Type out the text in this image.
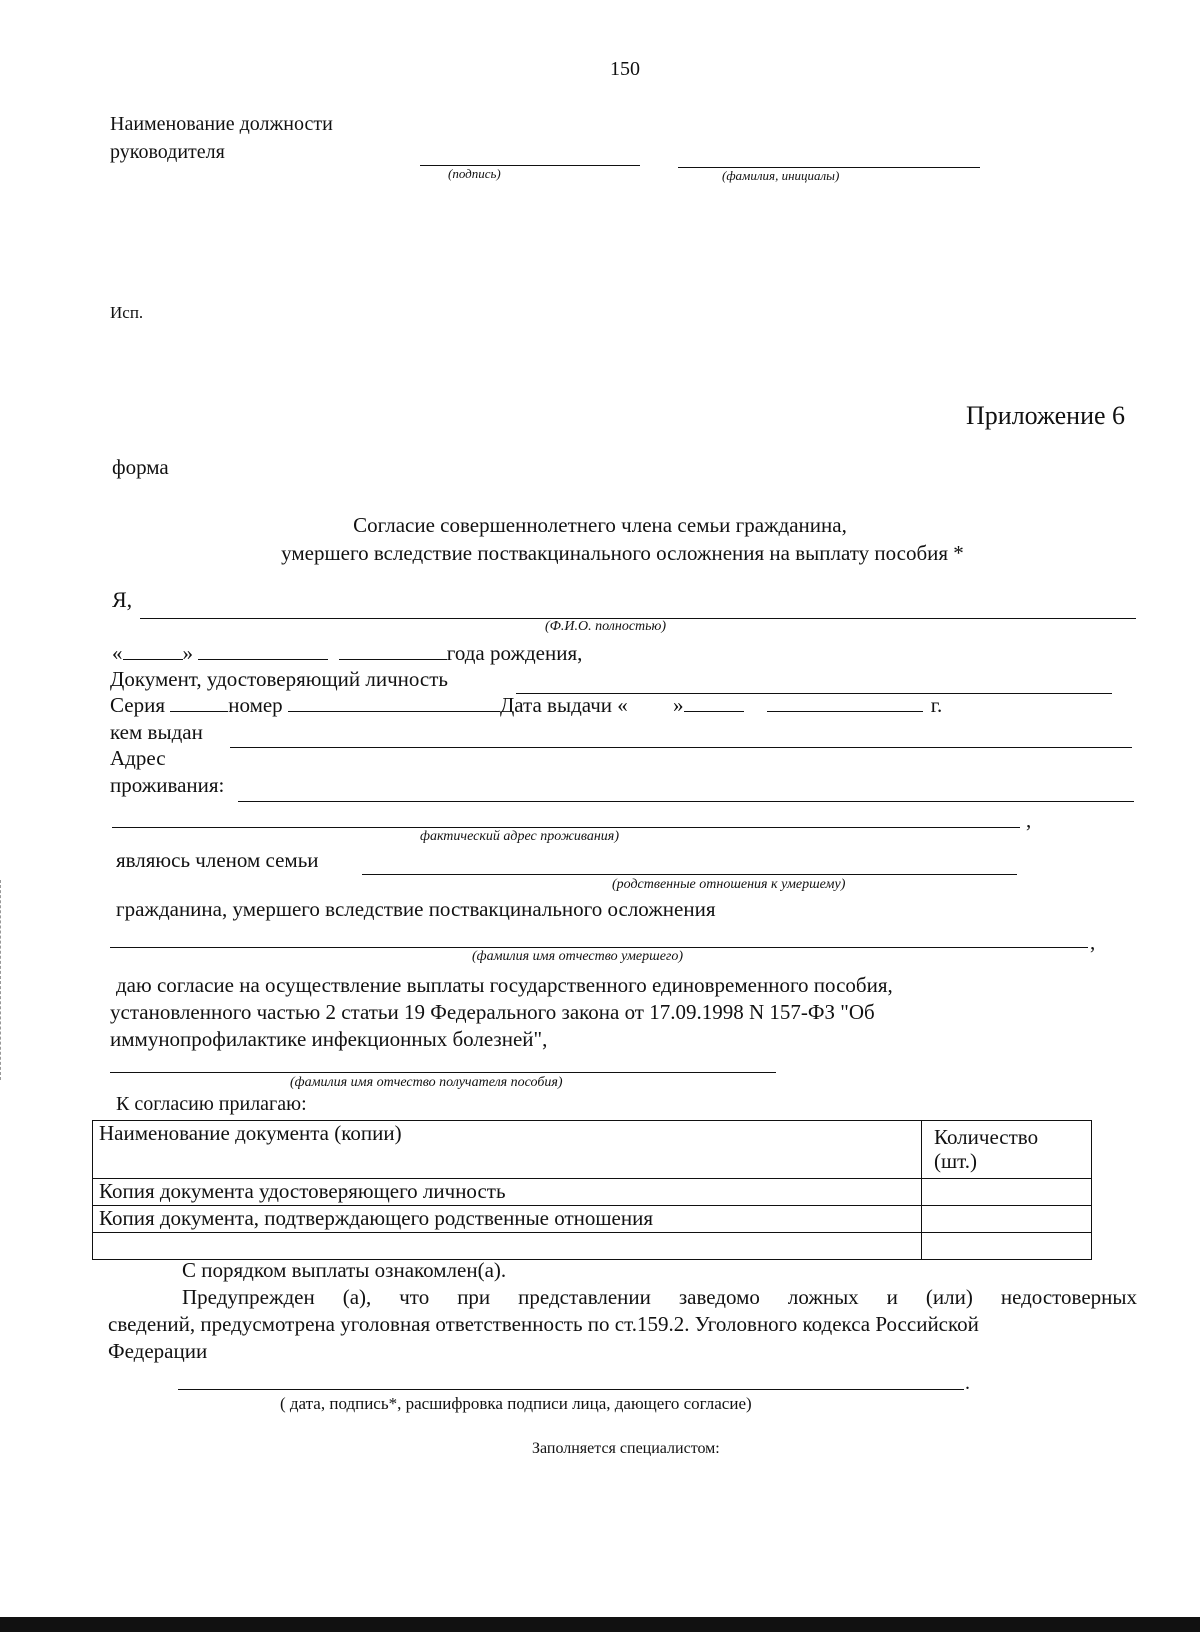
150
Наименование должности
руководителя
(подпись)	(фамилия, инициалы)
Исп.
Приложение 6
форма
Согласие совершеннолетнего члена семьи гражданина,
умершего вследствие поствакцинального осложнения на выплату пособия *
Я,
(Ф.И.О. полностью)
«	»	года рождения,
Документ, удостоверяющий личность
Серия	номер	Дата выдачи « »	г.
кем выдан
Адрес
проживания:
,
фактический адрес проживания)
являюсь членом семьи
(родственные отношения к умершему)
гражданина, умершего вследствие поствакцинального осложнения
,
(фамилия имя отчество умершего)
даю согласие на осуществление выплаты государственного единовременного пособия,
установленного частью 2 статьи 19 Федерального закона от 17.09.1998 N 157-ФЗ "Об
иммунопрофилактике инфекционных болезней",
(фамилия имя отчество получателя пособия)
К согласию прилагаю:
Наименование документа (копии)	Количество
(шт.)

Копия документа удостоверяющего личность	
Копия документа, подтверждающего родственные отношения	

С порядком выплаты ознакомлен(а).
Предупрежден (а), что при представлении заведомо ложных и (или) недостоверных
сведений, предусмотрена уголовная ответственность по ст.159.2. Уголовного кодекса Российской
Федерации
.
( дата, подпись*, расшифровка подписи лица, дающего согласие)
Заполняется специалистом:
